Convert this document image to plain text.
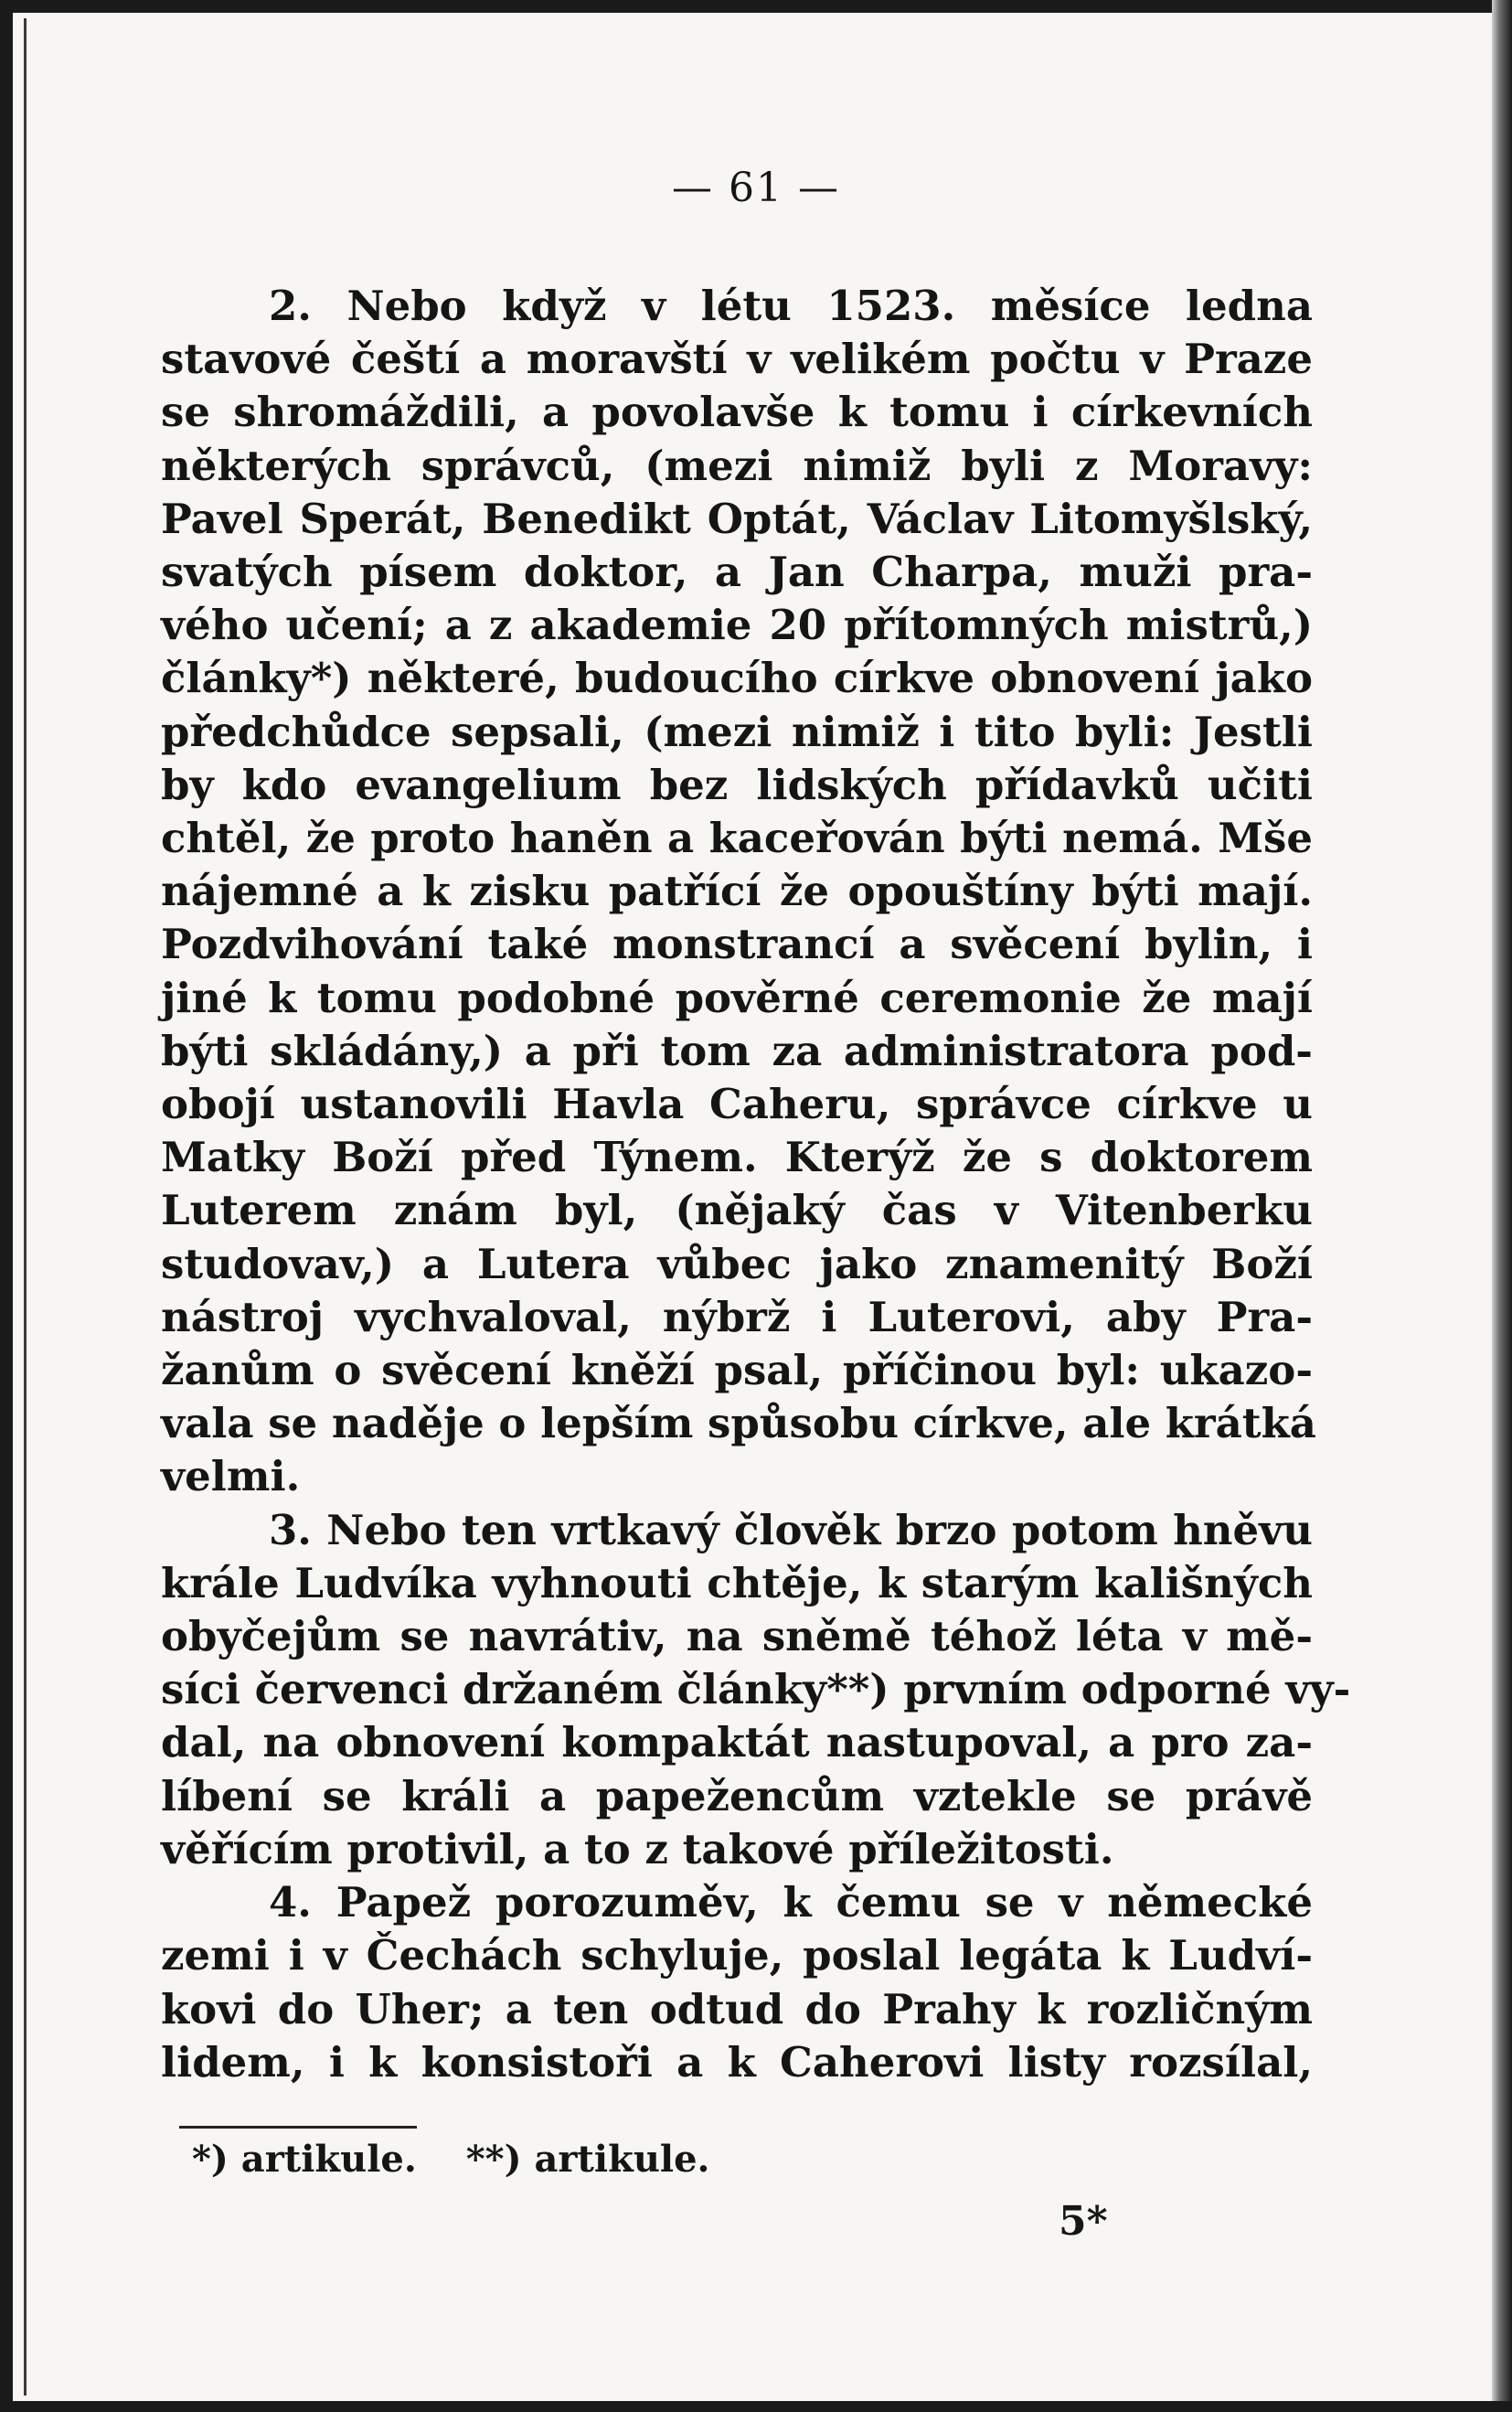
— 61 —
2. Nebo když v létu 1523. měsíce ledna
stavové čeští a moravští v velikém počtu v Praze
se shromáždili, a povolavše k tomu i církevních
některých správců, (mezi nimiž byli z Moravy:
Pavel Sperát, Benedikt Optát, Václav Litomyšlský,
svatých písem doktor, a Jan Charpa, muži pra-
vého učení; a z akademie 20 přítomných mistrů,)
články*) některé, budoucího církve obnovení jako
předchůdce sepsali, (mezi nimiž i tito byli: Jestli
by kdo evangelium bez lidských přídavků učiti
chtěl, že proto haněn a kaceřován býti nemá. Mše
nájemné a k zisku patřící že opouštíny býti mají.
Pozdvihování také monstrancí a svěcení bylin, i
jiné k tomu podobné pověrné ceremonie že mají
býti skládány,) a při tom za administratora pod-
obojí ustanovili Havla Caheru, správce církve u
Matky Boží před Týnem. Kterýž že s doktorem
Luterem znám byl, (nějaký čas v Vitenberku
studovav,) a Lutera vůbec jako znamenitý Boží
nástroj vychvaloval, nýbrž i Luterovi, aby Pra-
žanům o svěcení kněží psal, příčinou byl: ukazo-
vala se naděje o lepším spůsobu církve, ale krátká
velmi.
3. Nebo ten vrtkavý člověk brzo potom hněvu
krále Ludvíka vyhnouti chtěje, k starým kališných
obyčejům se navrátiv, na sněmě téhož léta v mě-
síci červenci držaném články**) prvním odporné vy-
dal, na obnovení kompaktát nastupoval, a pro za-
líbení se králi a papežencům vztekle se právě
věřícím protivil, a to z takové příležitosti.
4. Papež porozuměv, k čemu se v německé
zemi i v Čechách schyluje, poslal legáta k Ludví-
kovi do Uher; a ten odtud do Prahy k rozličným
lidem, i k konsistoři a k Caherovi listy rozsílal,
*) artikule. **) artikule.
5*
